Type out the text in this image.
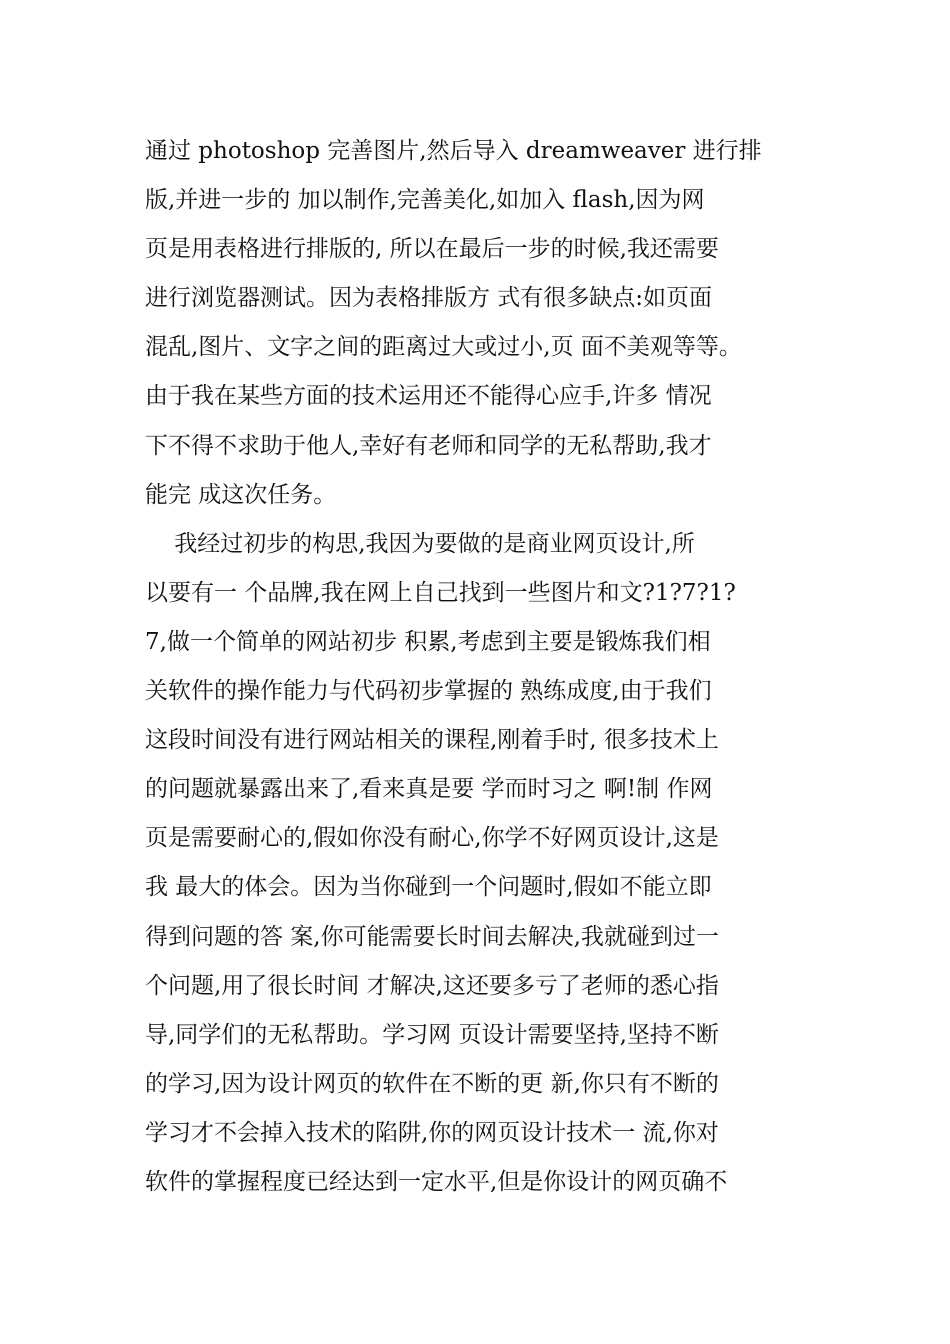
通过 photoshop 完善图片,然后导入 dreamweaver 进行排
版,并进一步的 加以制作,完善美化,如加入 flash,因为网
页是用表格进行排版的, 所以在最后一步的时候,我还需要
进行浏览器测试。因为表格排版方 式有很多缺点:如页面
混乱,图片、文字之间的距离过大或过小,页 面不美观等等。
由于我在某些方面的技术运用还不能得心应手,许多 情况
下不得不求助于他人,幸好有老师和同学的无私帮助,我才
能完 成这次任务。
我经过初步的构思,我因为要做的是商业网页设计,所
以要有一 个品牌,我在网上自己找到一些图片和文?1?7?1?
7,做一个简单的网站初步 积累,考虑到主要是锻炼我们相
关软件的操作能力与代码初步掌握的 熟练成度,由于我们
这段时间没有进行网站相关的课程,刚着手时, 很多技术上
的问题就暴露出来了,看来真是要 学而时习之 啊!制 作网
页是需要耐心的,假如你没有耐心,你学不好网页设计,这是
我 最大的体会。因为当你碰到一个问题时,假如不能立即
得到问题的答 案,你可能需要长时间去解决,我就碰到过一
个问题,用了很长时间 才解决,这还要多亏了老师的悉心指
导,同学们的无私帮助。学习网 页设计需要坚持,坚持不断
的学习,因为设计网页的软件在不断的更 新,你只有不断的
学习才不会掉入技术的陷阱,你的网页设计技术一 流,你对
软件的掌握程度已经达到一定水平,但是你设计的网页确不
